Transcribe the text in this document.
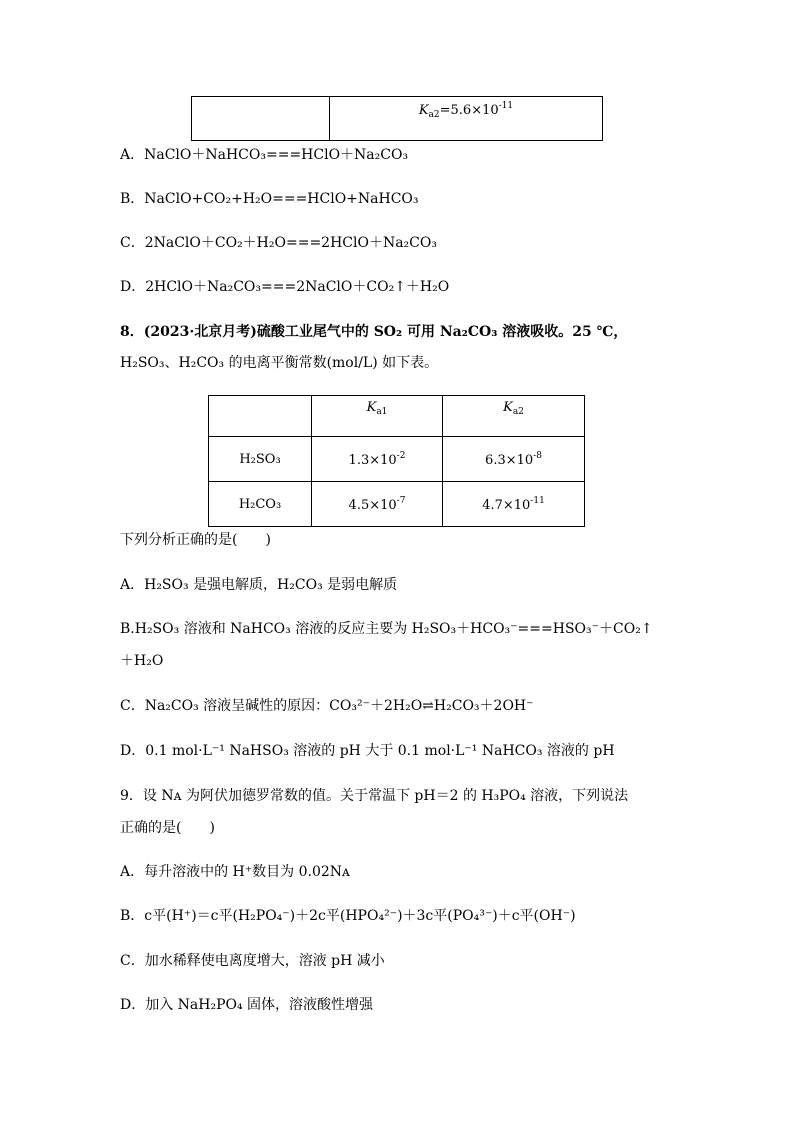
	$K_{a2}=5.6\times 10^{-11}$
A．NaClO＋NaHCO₃===HClO＋Na₂CO₃
B．NaClO+CO₂+H₂O===HClO+NaHCO₃
C．2NaClO＋CO₂＋H₂O===2HClO＋Na₂CO₃
D．2HClO＋Na₂CO₃===2NaClO＋CO₂↑＋H₂O
8．(2023·北京月考)硫酸工业尾气中的 SO₂ 可用 Na₂CO₃ 溶液吸收。25 ℃，
H₂SO₃、H₂CO₃ 的电离平衡常数(mol/L) 如下表。
	$K_{a1}$	$K_{a2}$
H₂SO₃	$1.3\times 10^{-2}$	$6.3\times 10^{-8}$
H₂CO₃	$4.5\times 10^{-7}$	$4.7\times 10^{-11}$
下列分析正确的是(　　)
A．H₂SO₃ 是强电解质，H₂CO₃ 是弱电解质
B.H₂SO₃ 溶液和 NaHCO₃ 溶液的反应主要为 H₂SO₃＋HCO₃⁻===HSO₃⁻＋CO₂↑
＋H₂O
C．Na₂CO₃ 溶液呈碱性的原因：CO₃²⁻＋2H₂O⇌H₂CO₃＋2OH⁻
D．0.1 mol·L⁻¹ NaHSO₃ 溶液的 pH 大于 0.1 mol·L⁻¹ NaHCO₃ 溶液的 pH
9．设 Nᴀ 为阿伏加德罗常数的值。关于常温下 pH＝2 的 H₃PO₄ 溶液，下列说法
正确的是(　　)
A．每升溶液中的 H⁺数目为 0.02Nᴀ
B．c平(H⁺)＝c平(H₂PO₄⁻)＋2c平(HPO₄²⁻)＋3c平(PO₄³⁻)＋c平(OH⁻)
C．加水稀释使电离度增大，溶液 pH 减小
D．加入 NaH₂PO₄ 固体，溶液酸性增强
